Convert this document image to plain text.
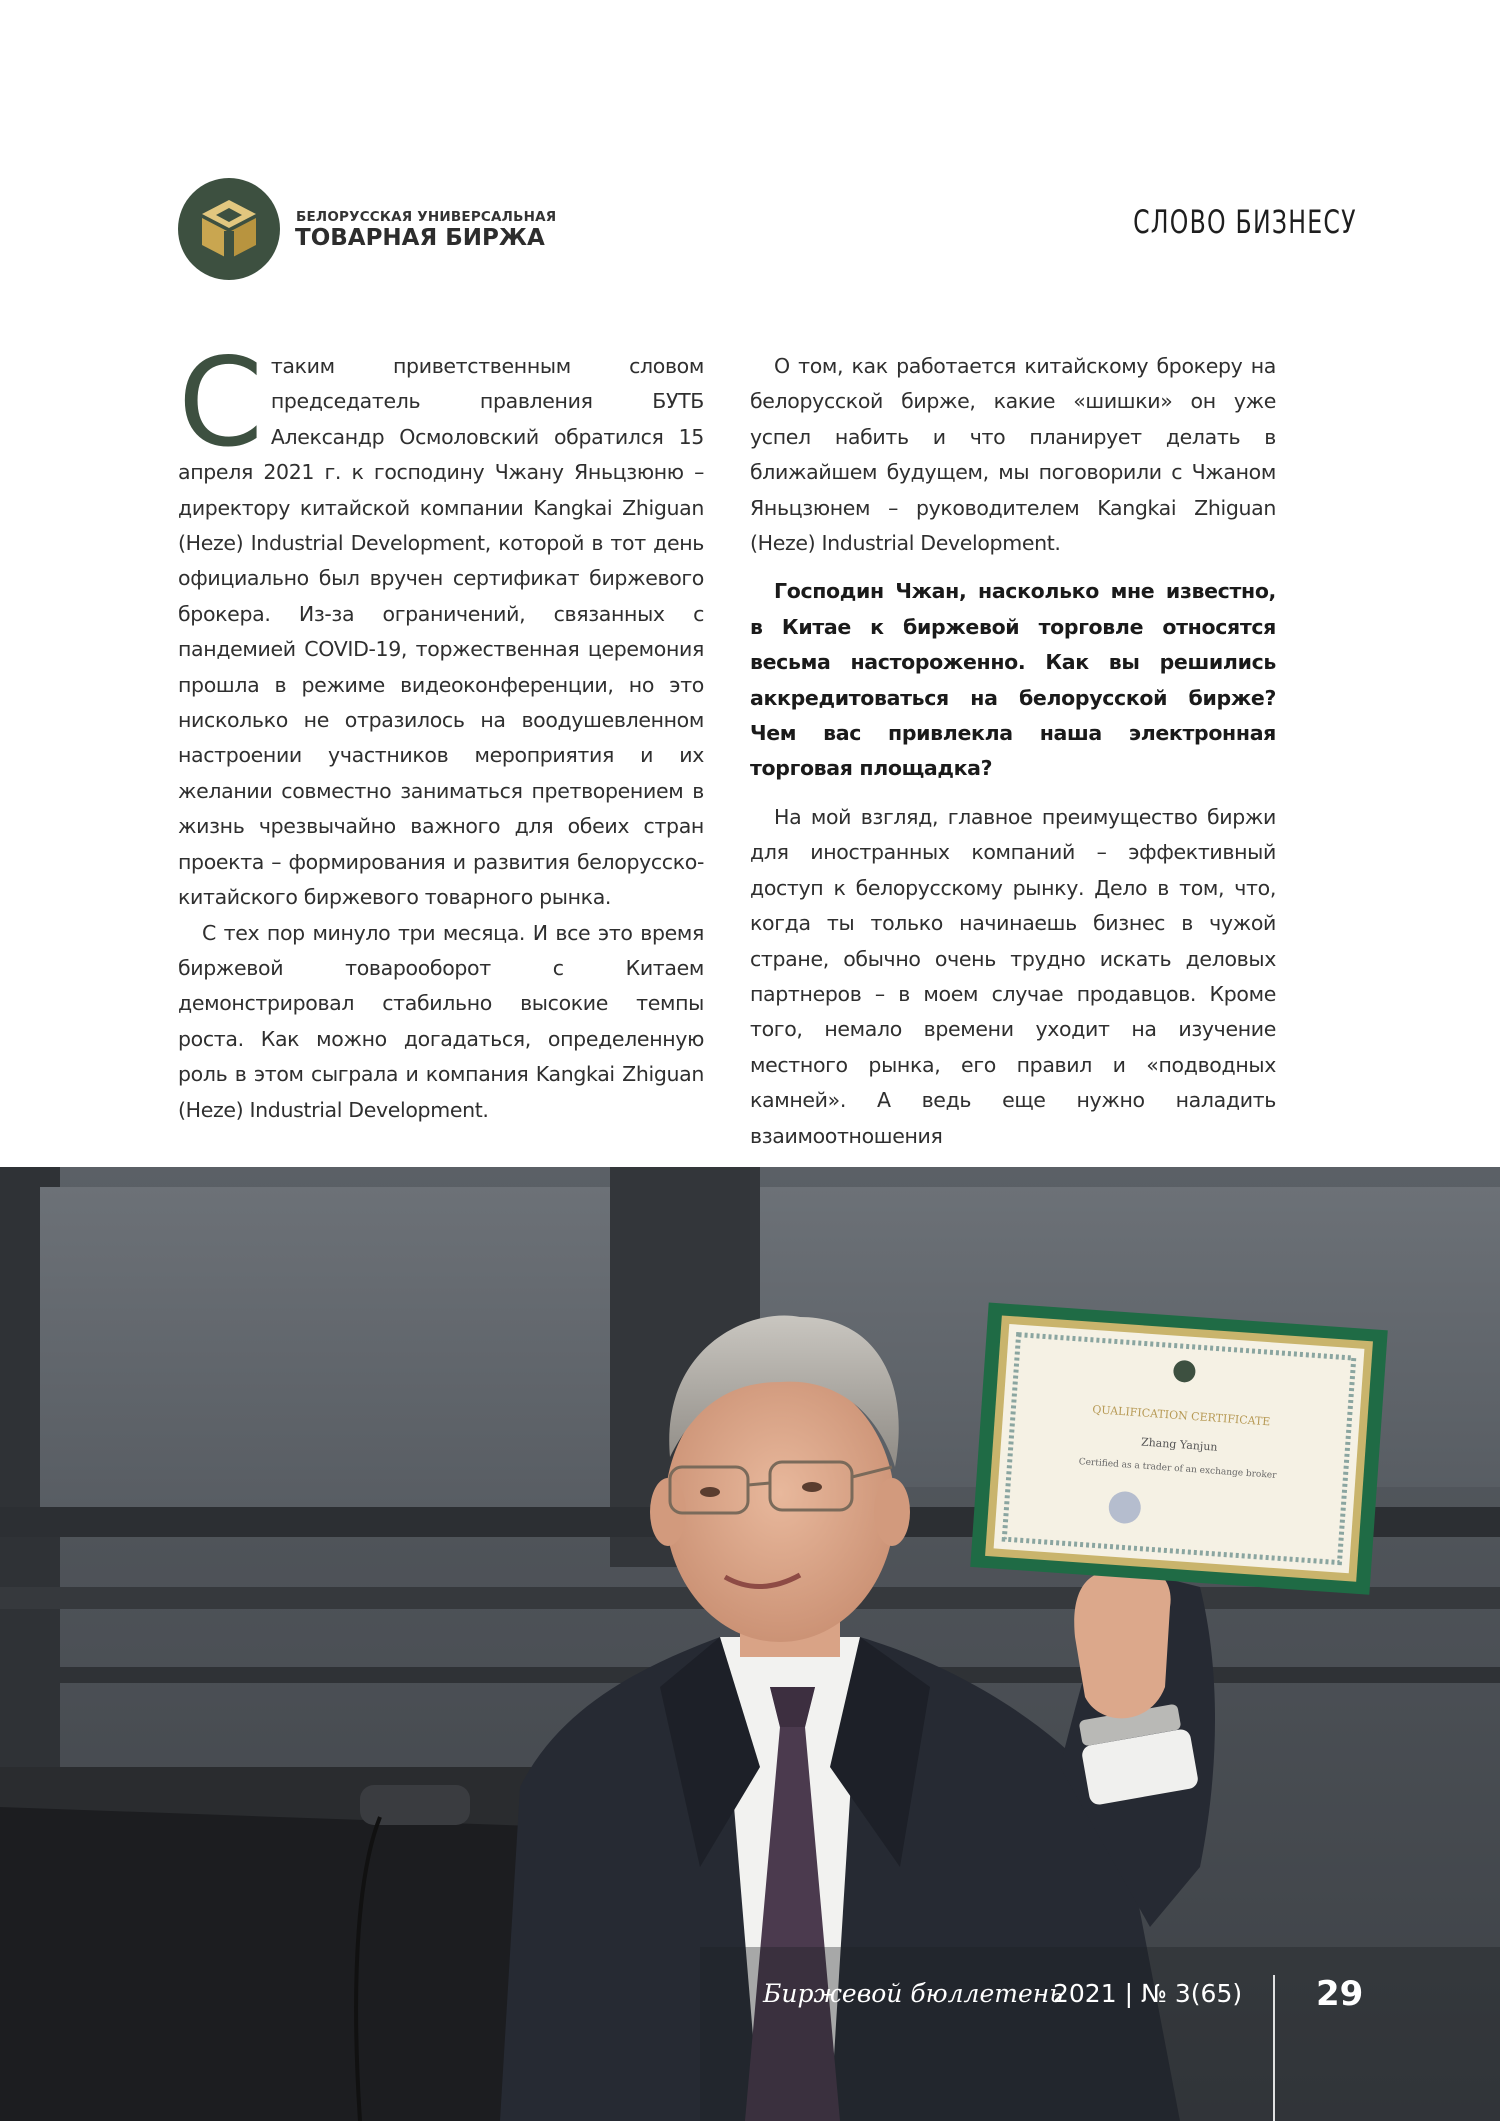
БЕЛОРУССКАЯ УНИВЕРСАЛЬНАЯ
ТОВАРНАЯ БИРЖА	СЛОВО БИЗНЕСУ

С таким приветственным словом председатель правления БУТБ Александр Осмоловский обратился 15 апреля 2021 г. к господину Чжану Яньцзюню – директору китайской компании Kangkai Zhiguan (Heze) Industrial Development, которой в тот день официально был вручен сертификат биржевого брокера. Из-за ограничений, связанных с пандемией COVID-19, торжественная церемония прошла в режиме видеоконференции, но это нисколько не отразилось на воодушевленном настроении участников мероприятия и их желании совместно заниматься претворением в жизнь чрезвычайно важного для обеих стран проекта – формирования и развития белорусско-китайского биржевого товарного рынка.

С тех пор минуло три месяца. И все это время биржевой товарооборот с Китаем демонстрировал стабильно высокие темпы роста. Как можно догадаться, определенную роль в этом сыграла и компания Kangkai Zhiguan (Heze) Industrial Development.

О том, как работается китайскому брокеру на белорусской бирже, какие «шишки» он уже успел набить и что планирует делать в ближайшем будущем, мы поговорили с Чжаном Яньцзюнем – руководителем Kangkai Zhiguan (Heze) Industrial Development.

Господин Чжан, насколько мне известно, в Китае к биржевой торговле относятся весьма настороженно. Как вы решились аккредитоваться на белорусской бирже? Чем вас привлекла наша электронная торговая площадка?

На мой взгляд, главное преимущество биржи для иностранных компаний – эффективный доступ к белорусскому рынку. Дело в том, что, когда ты только начинаешь бизнес в чужой стране, обычно очень трудно искать деловых партнеров – в моем случае продавцов. Кроме того, немало времени уходит на изучение местного рынка, его правил и «подводных камней». А ведь еще нужно наладить взаимоотношения

QUALIFICATION CERTIFICATE
Zhang Yanjun
Certified as a trader of an exchange broker
Биржевой бюллетень
2021 | № 3(65) 29
